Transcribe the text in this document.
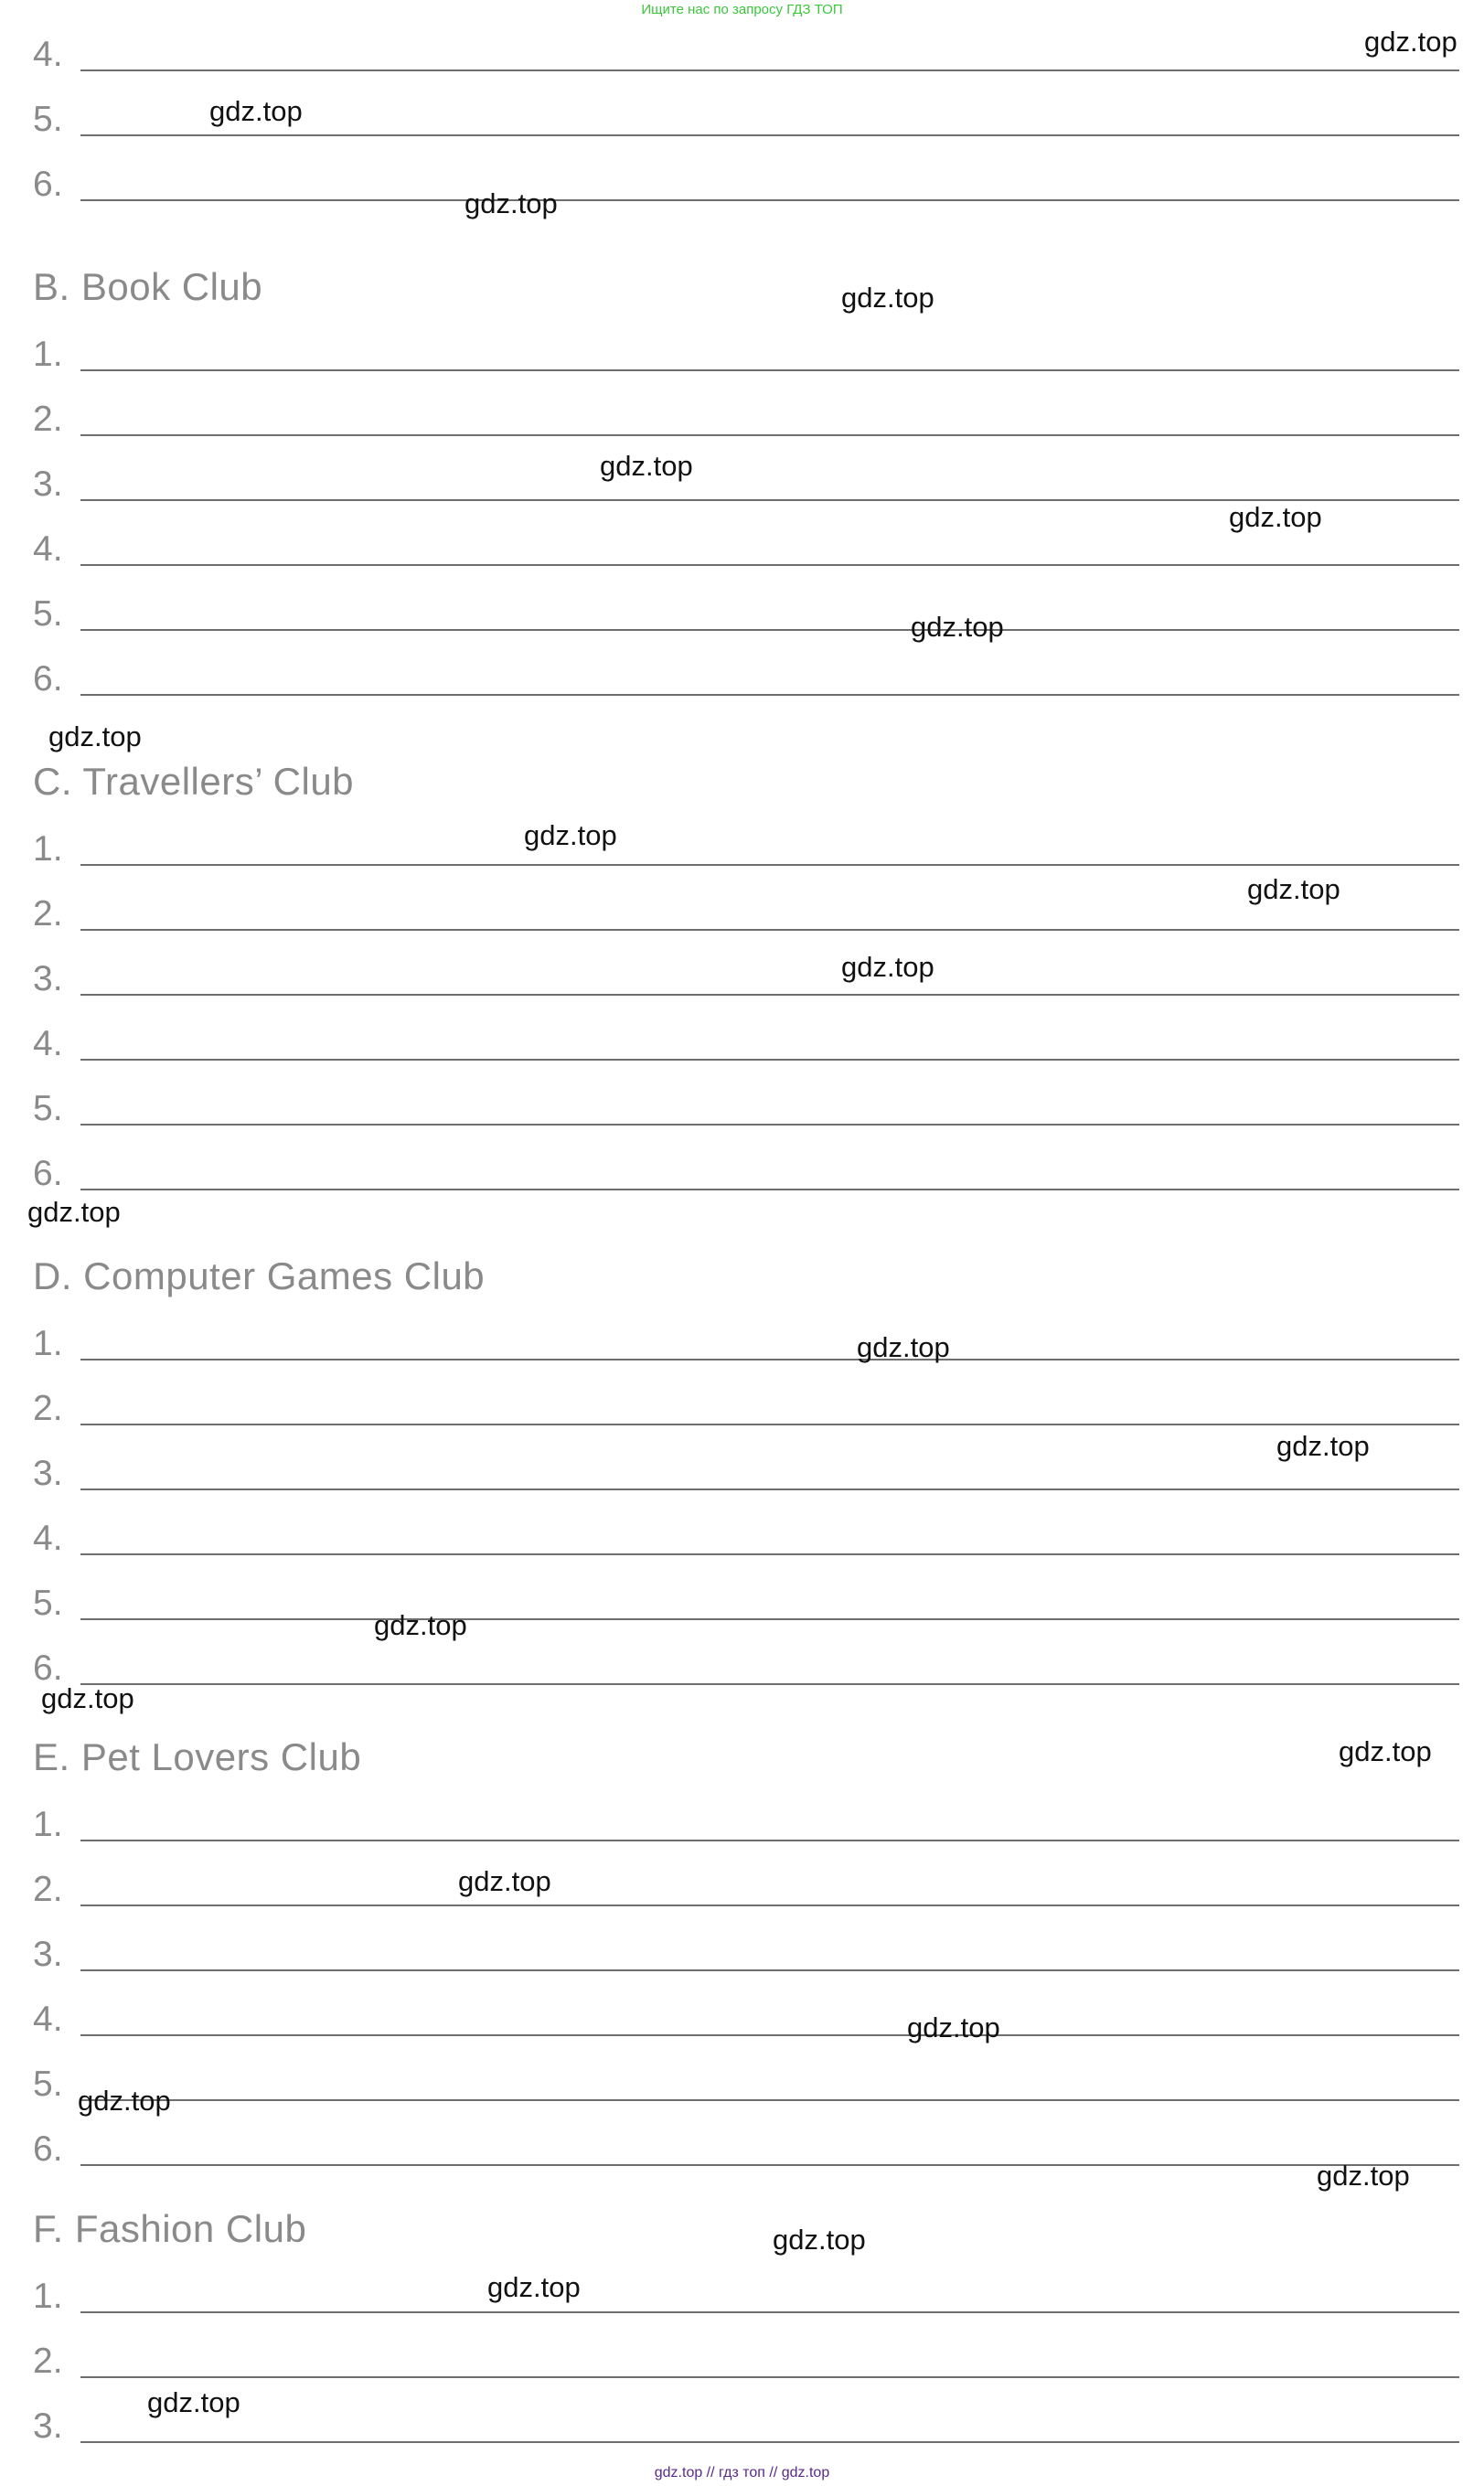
Ищите нас по запросу ГДЗ ТОП
4.
5.
6.
B. Book Club
1.
2.
3.
4.
5.
6.
C. Travellers’ Club
1.
2.
3.
4.
5.
6.
D. Computer Games Club
1.
2.
3.
4.
5.
6.
E. Pet Lovers Club
1.
2.
3.
4.
5.
6.
F. Fashion Club
1.
2.
3.
gdz.top
gdz.top
gdz.top
gdz.top
gdz.top
gdz.top
gdz.top
gdz.top
gdz.top
gdz.top
gdz.top
gdz.top
gdz.top
gdz.top
gdz.top
gdz.top
gdz.top
gdz.top
gdz.top
gdz.top
gdz.top
gdz.top
gdz.top
gdz.top
gdz.top // гдз топ // gdz.top
